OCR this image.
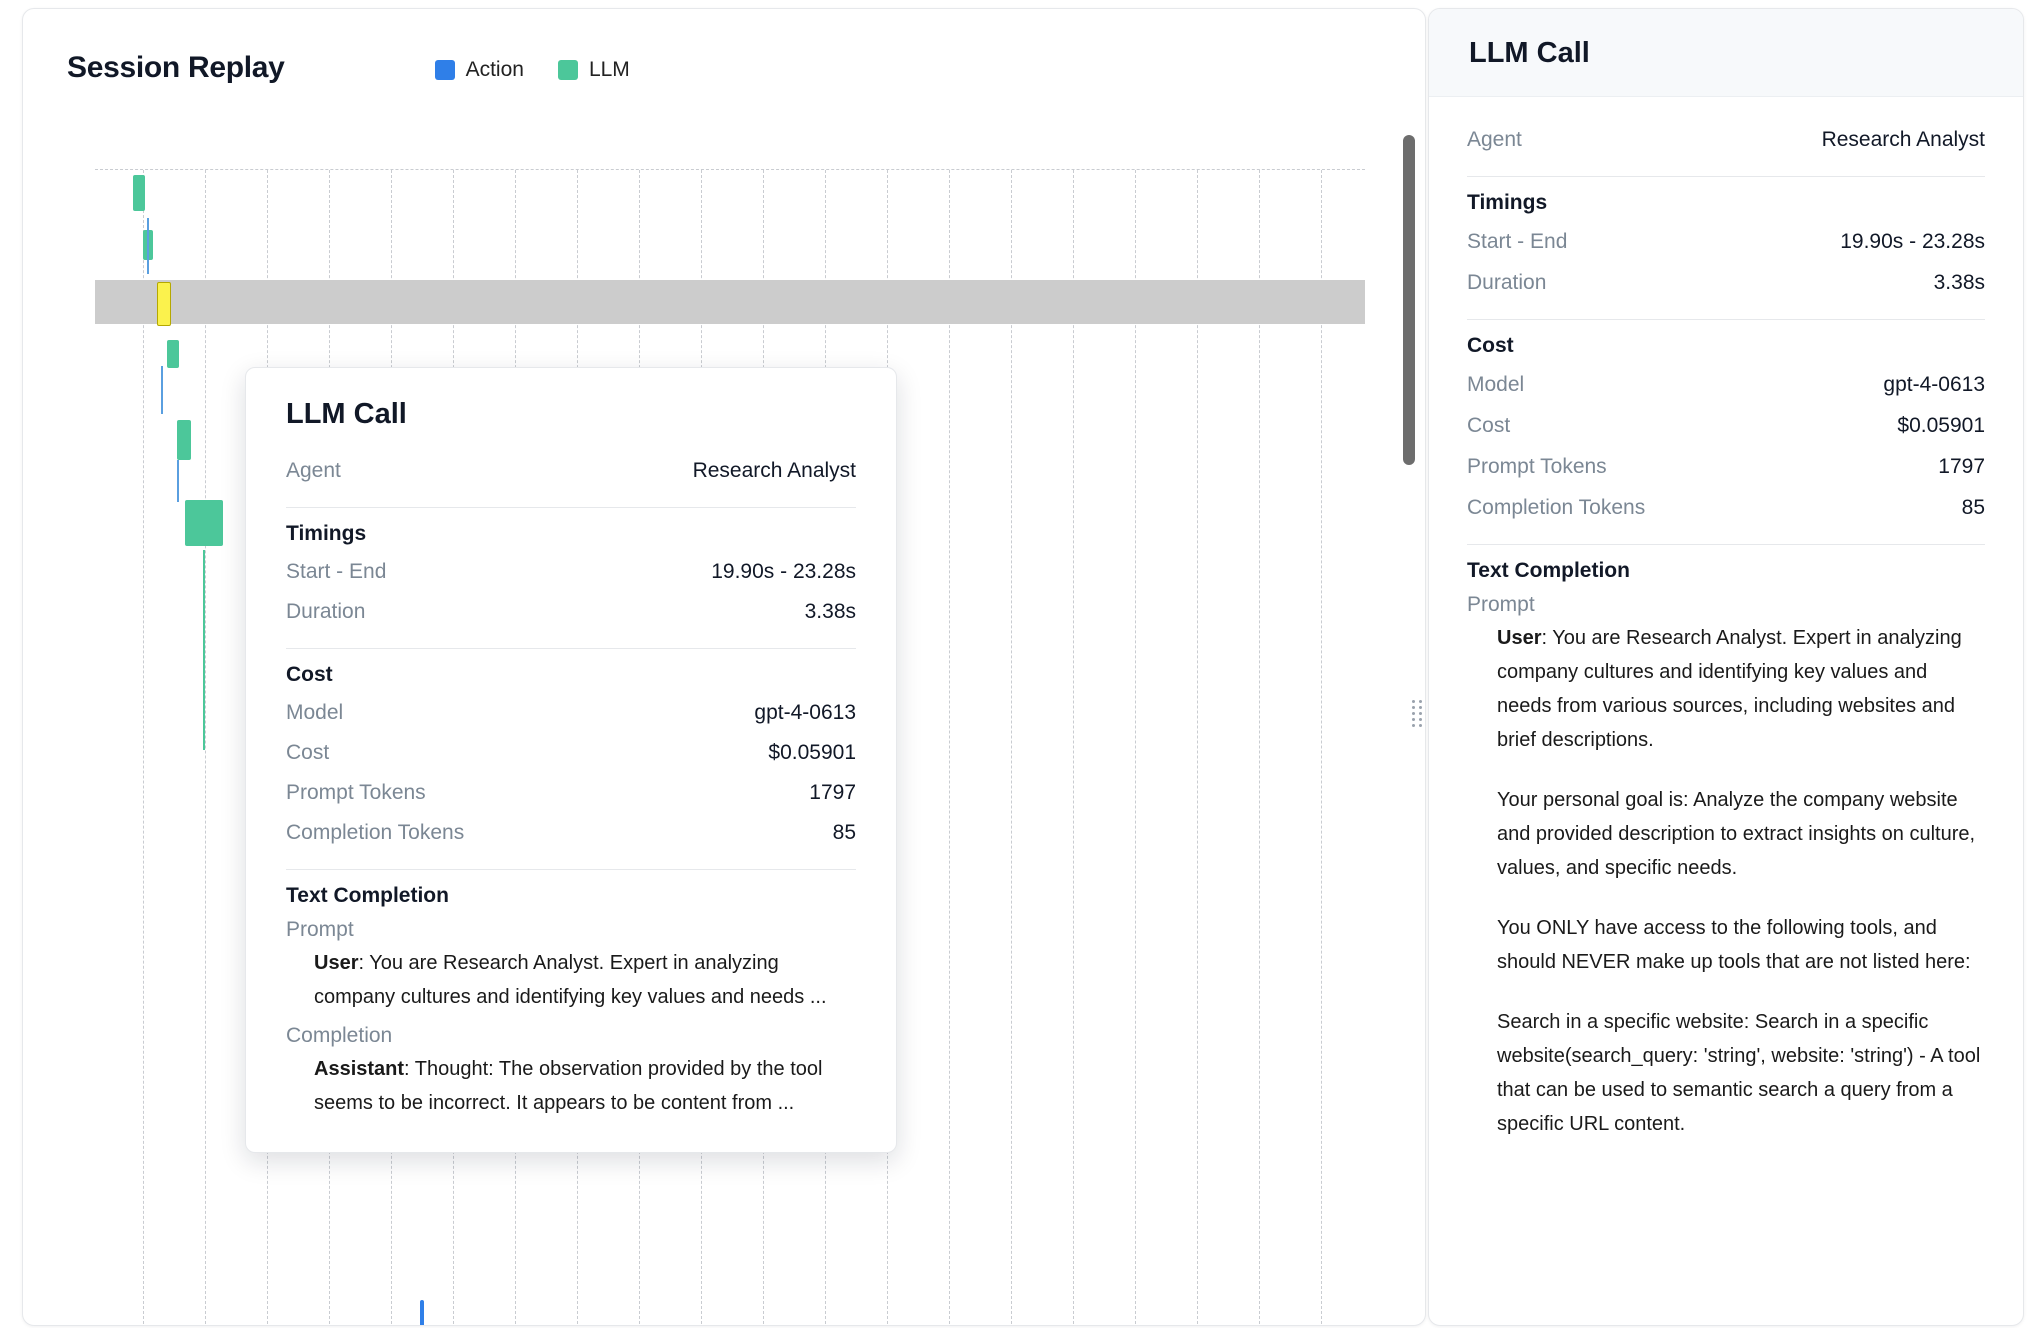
Session Replay	Action	LLM
LLM Call
Agent	Research Analyst
Timings
Start - End	19.90s - 23.28s
Duration	3.38s
Cost
Model	gpt-4-0613
Cost	$0.05901
Prompt Tokens	1797
Completion Tokens	85
Text Completion
Prompt
User: You are Research Analyst. Expert in analyzing company cultures and identifying key values and needs ...
Completion
Assistant: Thought: The observation provided by the tool seems to be incorrect. It appears to be content from ...
LLM Call
Agent	Research Analyst
Timings
Start - End	19.90s - 23.28s
Duration	3.38s
Cost
Model	gpt-4-0613
Cost	$0.05901
Prompt Tokens	1797
Completion Tokens	85
Text Completion
Prompt

User: You are Research Analyst. Expert in analyzing company cultures and identifying key values and needs from various sources, including websites and brief descriptions.

Your personal goal is: Analyze the company website and provided description to extract insights on culture, values, and specific needs.

You ONLY have access to the following tools, and should NEVER make up tools that are not listed here:

Search in a specific website: Search in a specific website(search_query: 'string', website: 'string') - A tool that can be used to semantic search a query from a specific URL content.
